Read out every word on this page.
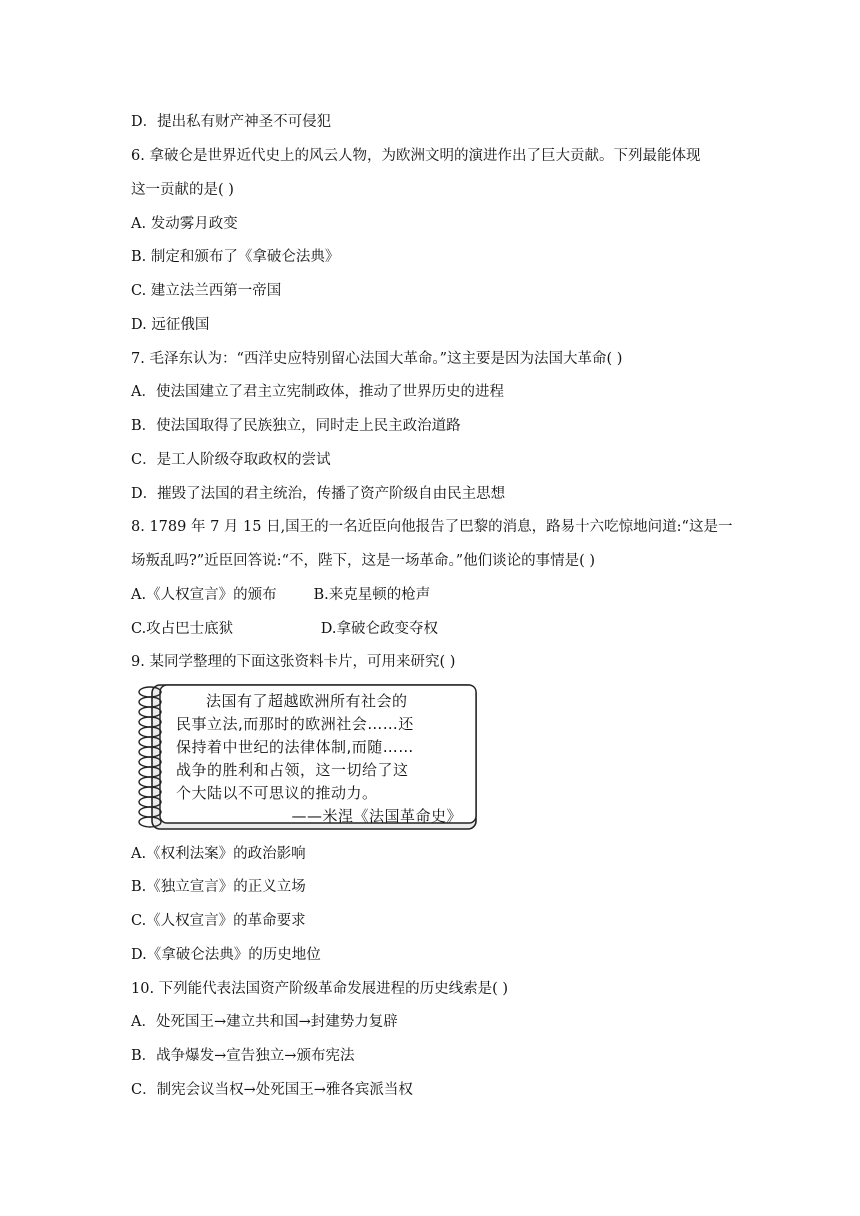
D．提出私有财产神圣不可侵犯
6. 拿破仑是世界近代史上的风云人物，为欧洲文明的演进作出了巨大贡献。下列最能体现
这一贡献的是( )
A. 发动雾月政变
B. 制定和颁布了《拿破仑法典》
C. 建立法兰西第一帝国
D. 远征俄国
7. 毛泽东认为：“西洋史应特别留心法国大革命。”这主要是因为法国大革命( )
A．使法国建立了君主立宪制政体，推动了世界历史的进程
B．使法国取得了民族独立，同时走上民主政治道路
C．是工人阶级夺取政权的尝试
D．摧毁了法国的君主统治，传播了资产阶级自由民主思想
8. 1789 年 7 月 15 日,国王的一名近臣向他报告了巴黎的消息，路易十六吃惊地问道:“这是一
场叛乱吗?”近臣回答说:“不，陛下，这是一场革命。”他们谈论的事情是( )
A.《人权宣言》的颁布        B.来克星顿的枪声
C.攻占巴士底狱                   D.拿破仑政变夺权
9. 某同学整理的下面这张资料卡片，可用来研究( )
法国有了超越欧洲所有社会的
民事立法,而那时的欧洲社会……还
保持着中世纪的法律体制,而随……
战争的胜利和占领，这一切给了这
个大陆以不可思议的推动力。
——米涅《法国革命史》
A.《权利法案》的政治影响
B.《独立宣言》的正义立场
C.《人权宣言》的革命要求
D.《拿破仑法典》的历史地位
10. 下列能代表法国资产阶级革命发展进程的历史线索是( )
A．处死国王→建立共和国→封建势力复辟
B．战争爆发→宣告独立→颁布宪法
C．制宪会议当权→处死国王→雅各宾派当权
